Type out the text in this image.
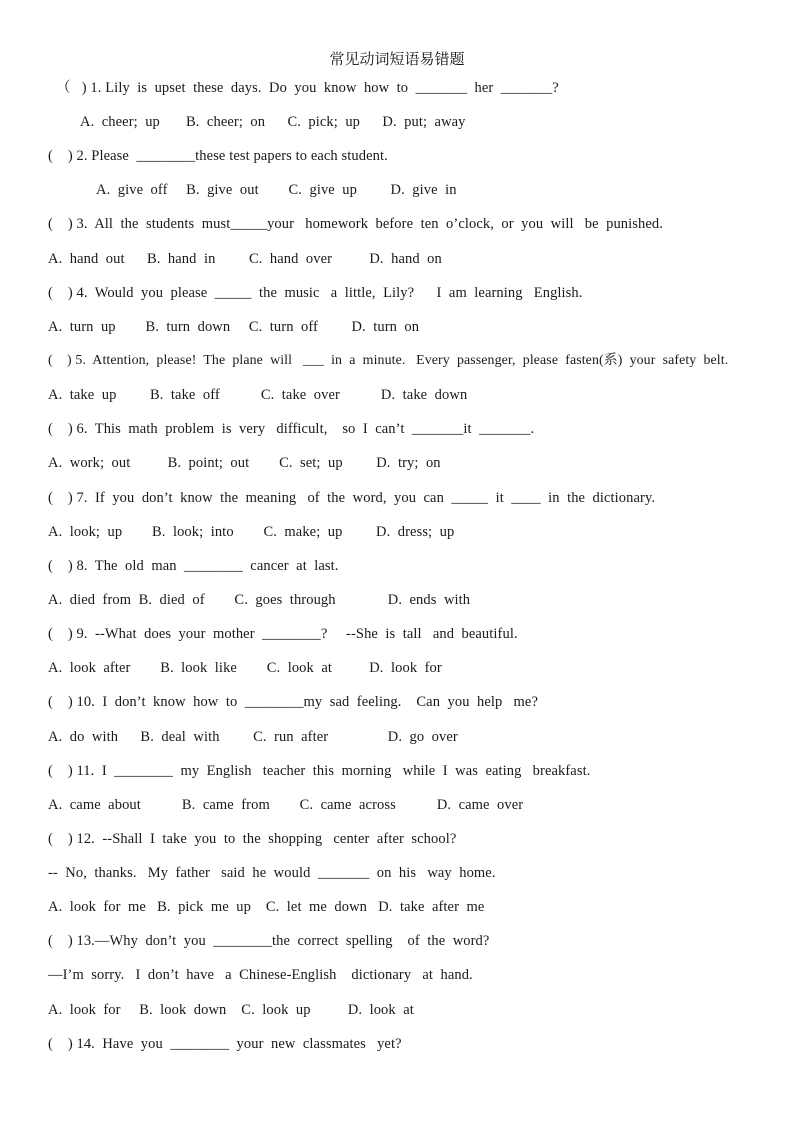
常见动词短语易错题
（   ) 1. Lily  is  upset  these  days.  Do  you  know  how  to  _______  her  _______?
A.  cheer;  up       B.  cheer;  on      C.  pick;  up      D.  put;  away
(    ) 2. Please  ________these test papers to each student.
A.  give  off     B.  give  out        C.  give  up         D.  give  in
(    ) 3.  All  the  students  must_____your   homework  before  ten  o’clock,  or  you  will   be  punished.
A.  hand  out      B.  hand  in         C.  hand  over          D.  hand  on
(    ) 4.  Would  you  please  _____  the  music   a  little,  Lily?      I  am  learning   English.
A.  turn  up        B.  turn  down     C.  turn  off         D.  turn  on
(    ) 5.  Attention,  please!  The  plane  will   ___  in  a  minute.   Every  passenger,  please  fasten(系)  your  safety  belt.
A.  take  up         B.  take  off           C.  take  over           D.  take  down
(    ) 6.  This  math  problem  is  very   difficult,    so  I  can’t  _______it  _______.
A.  work;  out          B.  point;  out        C.  set;  up         D.  try;  on
(    ) 7.  If  you  don’t  know  the  meaning   of  the  word,  you  can  _____  it  ____  in  the  dictionary.
A.  look;  up        B.  look;  into        C.  make;  up         D.  dress;  up
(    ) 8.  The  old  man  ________  cancer  at  last.
A.  died  from  B.  died  of        C.  goes  through              D.  ends  with
(    ) 9.  --What  does  your  mother  ________?     --She  is  tall   and  beautiful.
A.  look  after        B.  look  like        C.  look  at          D.  look  for
(    ) 10.  I  don’t  know  how  to  ________my  sad  feeling.    Can  you  help   me?
A.  do  with      B.  deal  with         C.  run  after                D.  go  over
(    ) 11.  I  ________  my  English   teacher  this  morning   while  I  was  eating   breakfast.
A.  came  about           B.  came  from        C.  came  across           D.  came  over
(    ) 12.  --Shall  I  take  you  to  the  shopping   center  after  school?
--  No,  thanks.   My  father   said  he  would  _______  on  his   way  home.
A.  look  for  me   B.  pick  me  up    C.  let  me  down   D.  take  after  me
(    ) 13.—Why  don’t  you  ________the  correct  spelling    of  the  word?
—I’m  sorry.   I  don’t  have   a  Chinese-English    dictionary   at  hand.
A.  look  for     B.  look  down    C.  look  up          D.  look  at
(    ) 14.  Have  you  ________  your  new  classmates   yet?
